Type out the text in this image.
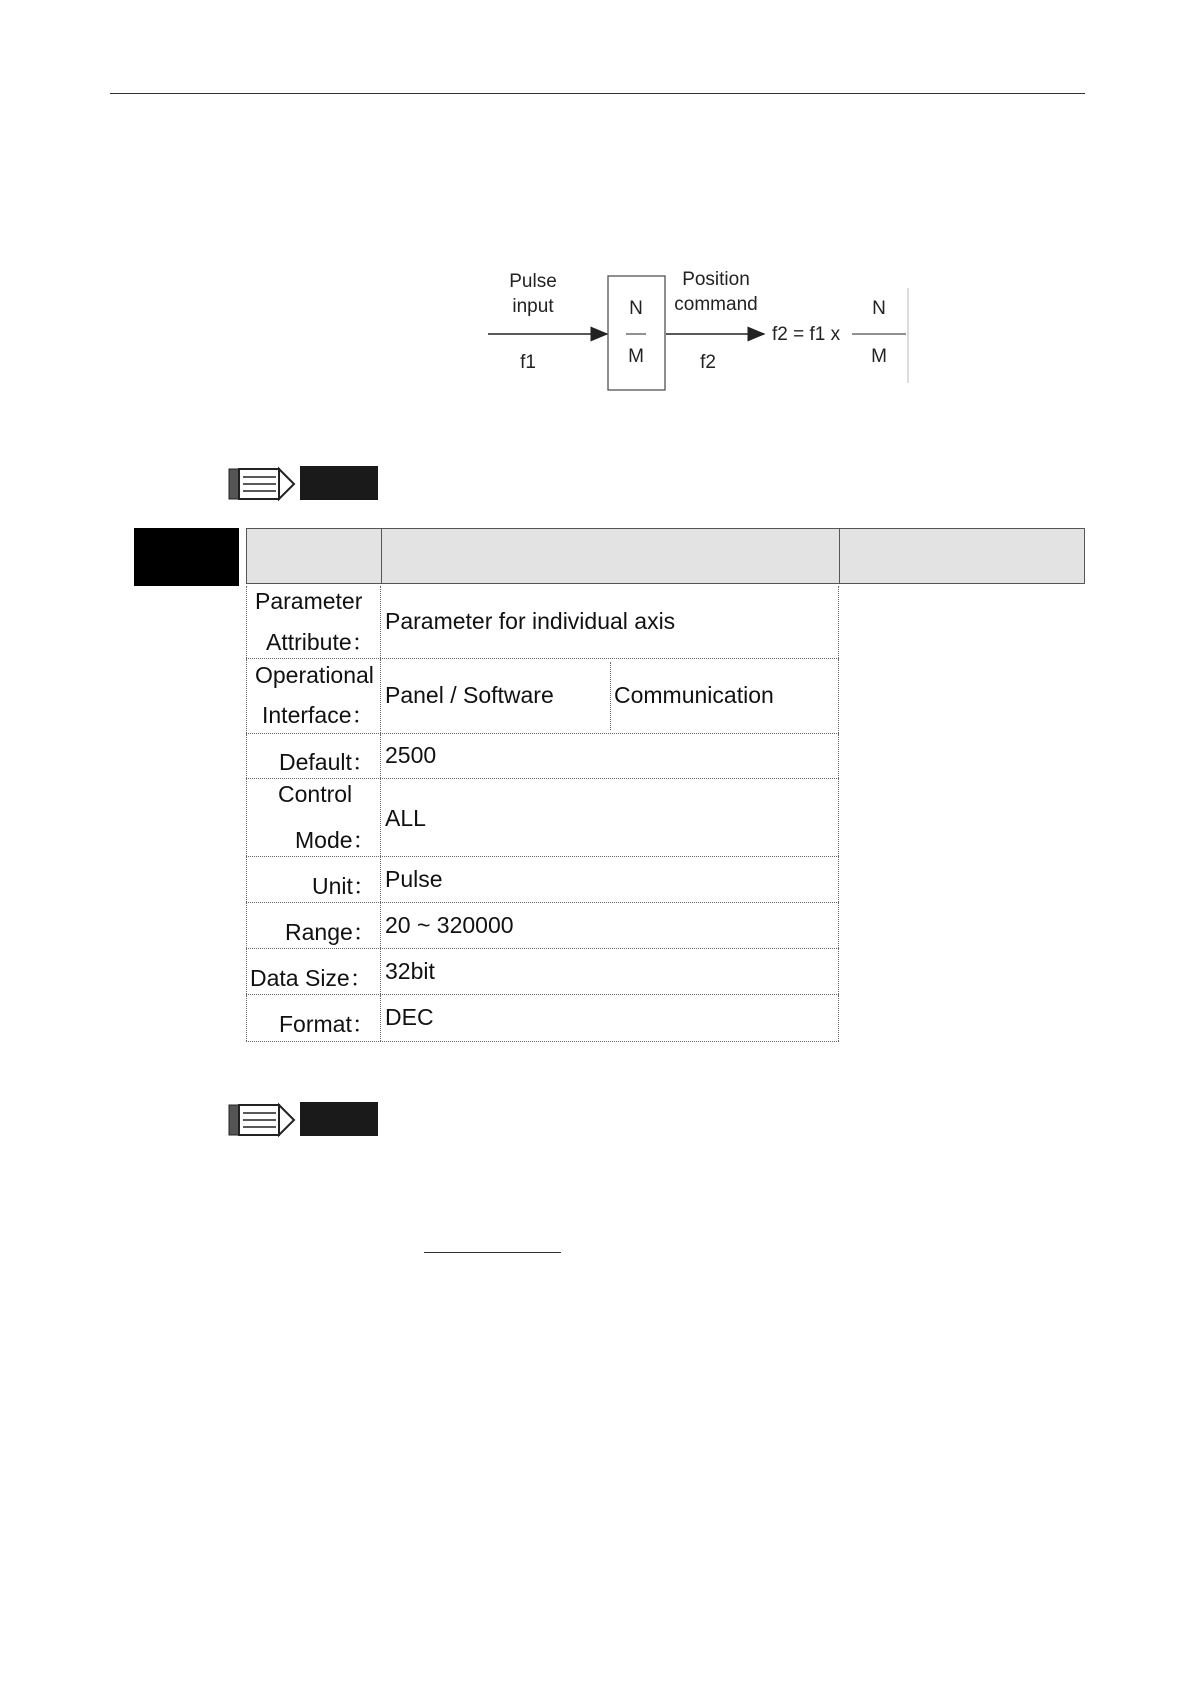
Pulse
input
f1
N
M
Position
command
f2
f2 = f1 x
N
M
Parameter
Attribute：
Parameter for individual axis
Operational
Interface：
Panel / Software	Communication
Default： 2500
Control
Mode：
ALL
Unit： Pulse
Range： 20 ~ 320000
Data Size： 32bit
Format： DEC
